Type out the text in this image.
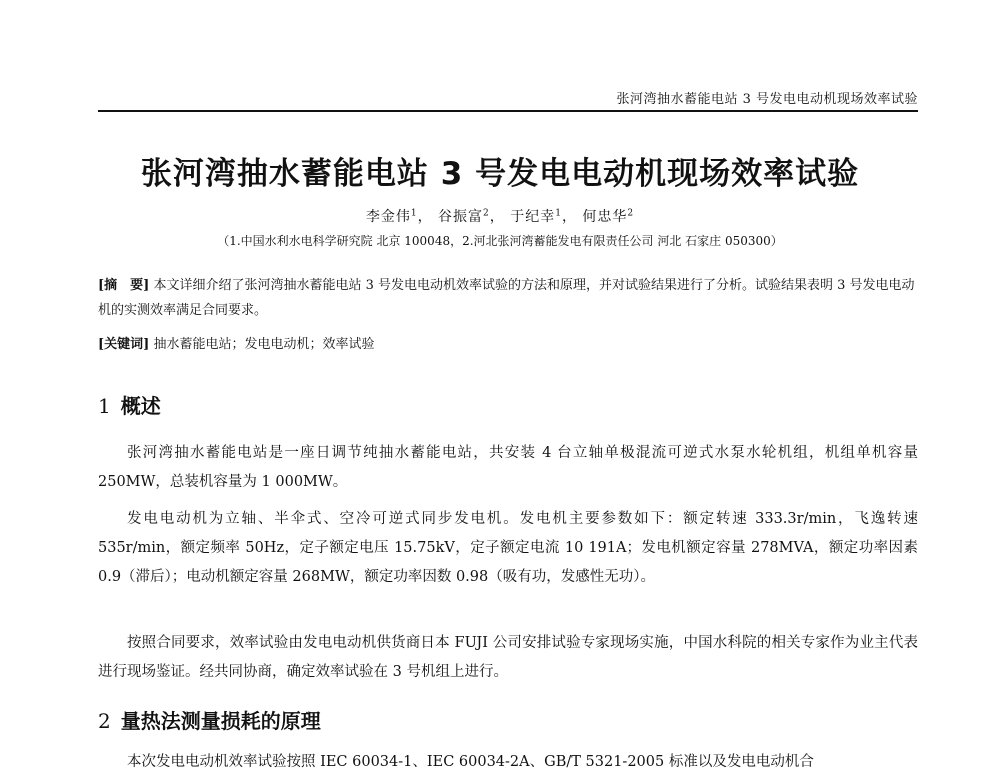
张河湾抽水蓄能电站 3 号发电电动机现场效率试验
张河湾抽水蓄能电站 3 号发电电动机现场效率试验
李金伟$^1$， 谷振富$^2$， 于纪幸$^1$， 何忠华$^2$
（1.中国水利水电科学研究院 北京 100048，2.河北张河湾蓄能发电有限责任公司 河北 石家庄 050300）
[摘　要] 本文详细介绍了张河湾抽水蓄能电站 3 号发电电动机效率试验的方法和原理，并对试验结果进行了分析。试验结果表明 3 号发电电动机的实测效率满足合同要求。
[关键词] 抽水蓄能电站；发电电动机；效率试验
1 概述

张河湾抽水蓄能电站是一座日调节纯抽水蓄能电站，共安装 4 台立轴单极混流可逆式水泵水轮机组，机组单机容量 250MW，总装机容量为 1 000MW。

发电电动机为立轴、半伞式、空冷可逆式同步发电机。发电机主要参数如下：额定转速 333.3r/min，飞逸转速 535r/min，额定频率 50Hz，定子额定电压 15.75kV，定子额定电流 10 191A；发电机额定容量 278MVA，额定功率因素 0.9（滞后）；电动机额定容量 268MW，额定功率因数 0.98（吸有功，发感性无功）。

按照合同要求，效率试验由发电电动机供货商日本 FUJI 公司安排试验专家现场实施，中国水科院的相关专家作为业主代表进行现场鉴证。经共同协商，确定效率试验在 3 号机组上进行。

2 量热法测量损耗的原理

本次发电电动机效率试验按照 IEC 60034-1、IEC 60034-2A、GB/T 5321-2005 标准以及发电电动机合
